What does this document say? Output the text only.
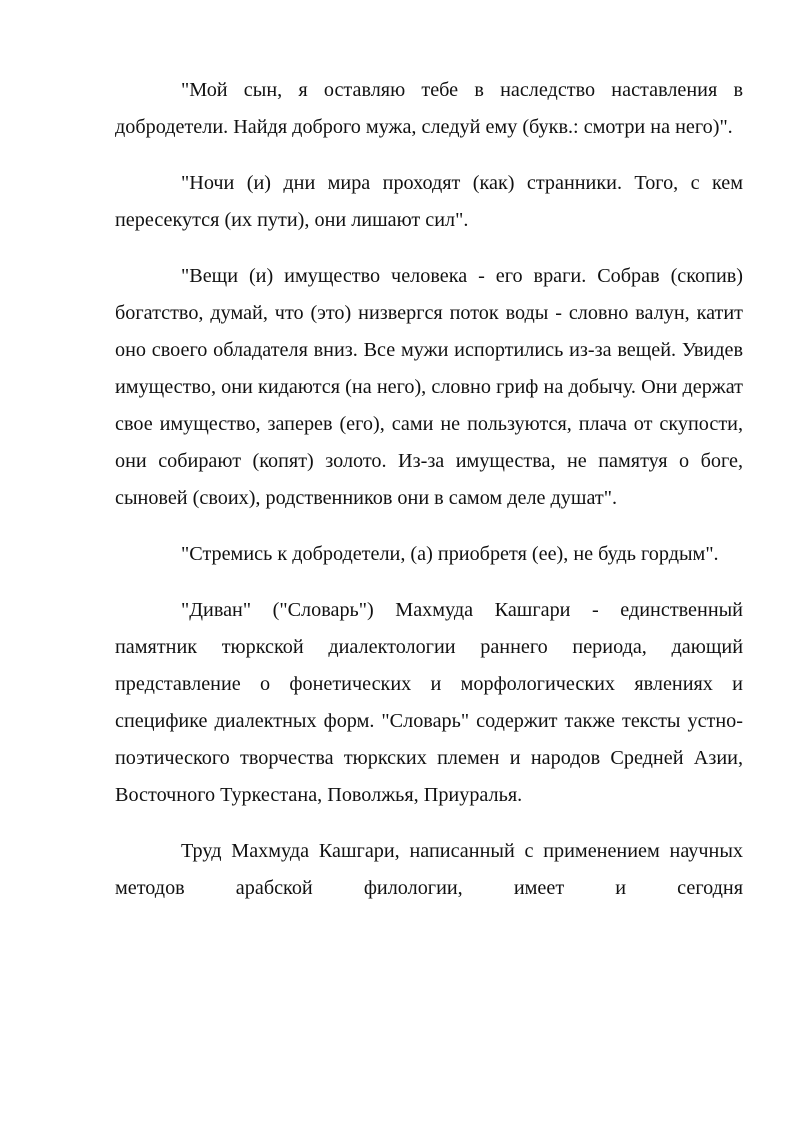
"Мой сын, я оставляю тебе в наследство наставления в добродетели. Найдя доброго мужа, следуй ему (букв.: смотри на него)".

"Ночи (и) дни мира проходят (как) странники. Того, с кем пересекутся (их пути), они лишают сил".

"Вещи (и) имущество человека - его враги. Собрав (скопив) богатство, думай, что (это) низвергся поток воды - словно валун, катит оно своего обладателя вниз. Все мужи испортились из-за вещей. Увидев имущество, они кидаются (на него), словно гриф на добычу. Они держат свое имущество, заперев (его), сами не пользуются, плача от скупости, они собирают (копят) золото. Из-за имущества, не памятуя о боге, сыновей (своих), родственников они в самом деле душат".

"Стремись к добродетели, (а) приобретя (ее), не будь гордым".

"Диван" ("Словарь") Махмуда Кашгари - единственный памятник тюркской диалектологии раннего периода, дающий представление о фонетических и морфологических явлениях и специфике диалектных форм. "Словарь" содержит также тексты устно-поэтического творчества тюркских племен и народов Средней Азии, Восточного Туркестана, Поволжья, Приуралья.

Труд Махмуда Кашгари, написанный с применением научных методов арабской филологии, имеет и сегодня
